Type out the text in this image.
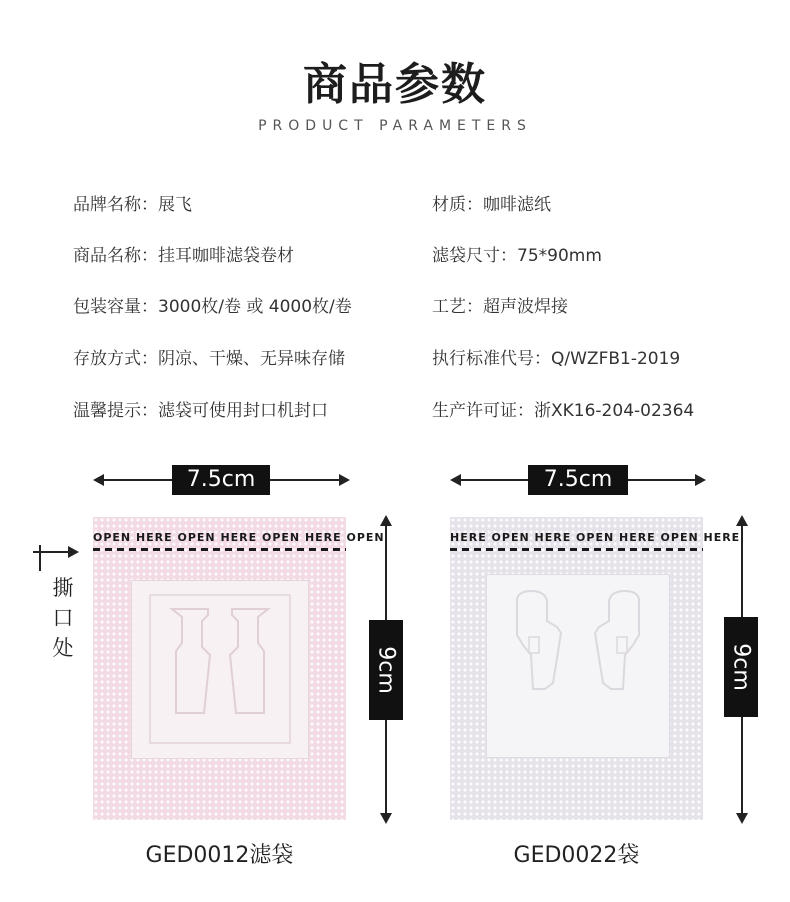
商品参数
PRODUCT PARAMETERS
品牌名称：展飞
商品名称：挂耳咖啡滤袋卷材
包装容量：3000枚/卷 或 4000枚/卷
存放方式：阴凉、干燥、无异味存储
温馨提示：滤袋可使用封口机封口
材质：咖啡滤纸
滤袋尺寸：75*90mm
工艺：超声波焊接
执行标准代号：Q/WZFB1-2019
生产许可证：浙XK16-204-02364
7.5cm
OPEN HERE OPEN HERE OPEN HERE OPEN
9cm
撕
口
处
GED0012滤袋
7.5cm
HERE OPEN HERE OPEN HERE OPEN HERE
9cm
GED0022袋
